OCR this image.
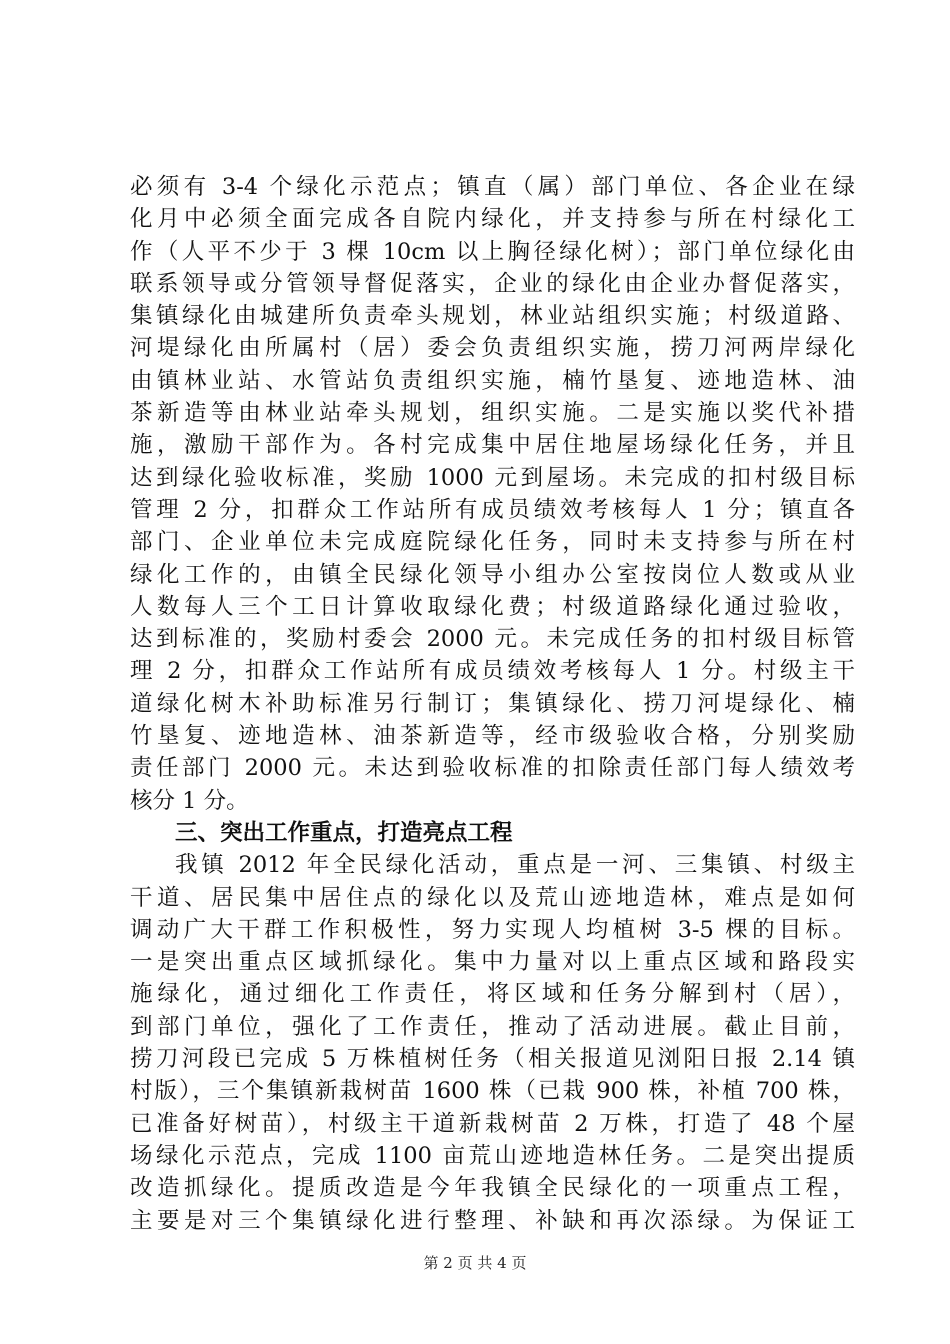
必须有 3-4 个绿化示范点；镇直（属）部门单位、各企业在绿
化月中必须全面完成各自院内绿化，并支持参与所在村绿化工
作（人平不少于 3 棵 10cm 以上胸径绿化树）；部门单位绿化由
联系领导或分管领导督促落实，企业的绿化由企业办督促落实，
集镇绿化由城建所负责牵头规划，林业站组织实施；村级道路、
河堤绿化由所属村（居）委会负责组织实施，捞刀河两岸绿化
由镇林业站、水管站负责组织实施，楠竹垦复、迹地造林、油
茶新造等由林业站牵头规划，组织实施。二是实施以奖代补措
施，激励干部作为。各村完成集中居住地屋场绿化任务，并且
达到绿化验收标准，奖励 1000 元到屋场。未完成的扣村级目标
管理 2 分，扣群众工作站所有成员绩效考核每人 1 分；镇直各
部门、企业单位未完成庭院绿化任务，同时未支持参与所在村
绿化工作的，由镇全民绿化领导小组办公室按岗位人数或从业
人数每人三个工日计算收取绿化费；村级道路绿化通过验收，
达到标准的，奖励村委会 2000 元。未完成任务的扣村级目标管
理 2 分，扣群众工作站所有成员绩效考核每人 1 分。村级主干
道绿化树木补助标准另行制订；集镇绿化、捞刀河堤绿化、楠
竹垦复、迹地造林、油茶新造等，经市级验收合格，分别奖励
责任部门 2000 元。未达到验收标准的扣除责任部门每人绩效考
核分 1 分。
三、突出工作重点，打造亮点工程
我镇 2012 年全民绿化活动，重点是一河、三集镇、村级主
干道、居民集中居住点的绿化以及荒山迹地造林，难点是如何
调动广大干群工作积极性，努力实现人均植树 3-5 棵的目标。
一是突出重点区域抓绿化。集中力量对以上重点区域和路段实
施绿化，通过细化工作责任，将区域和任务分解到村（居），
到部门单位，强化了工作责任，推动了活动进展。截止目前，
捞刀河段已完成 5 万株植树任务（相关报道见浏阳日报 2.14 镇
村版），三个集镇新栽树苗 1600 株（已栽 900 株，补植 700 株，
已准备好树苗），村级主干道新栽树苗 2 万株，打造了 48 个屋
场绿化示范点，完成 1100 亩荒山迹地造林任务。二是突出提质
改造抓绿化。提质改造是今年我镇全民绿化的一项重点工程，
主要是对三个集镇绿化进行整理、补缺和再次添绿。为保证工
第 2 页 共 4 页
